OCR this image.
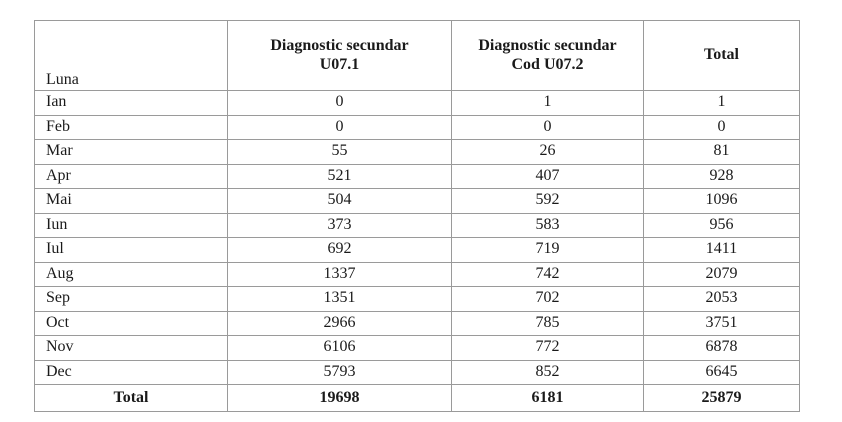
Luna	Diagnostic secundar U07.1	Diagnostic secundar Cod U07.2	Total
Ian	0	1	1
Feb	0	0	0
Mar	55	26	81
Apr	521	407	928
Mai	504	592	1096
Iun	373	583	956
Iul	692	719	1411
Aug	1337	742	2079
Sep	1351	702	2053
Oct	2966	785	3751
Nov	6106	772	6878
Dec	5793	852	6645
Total	19698	6181	25879
